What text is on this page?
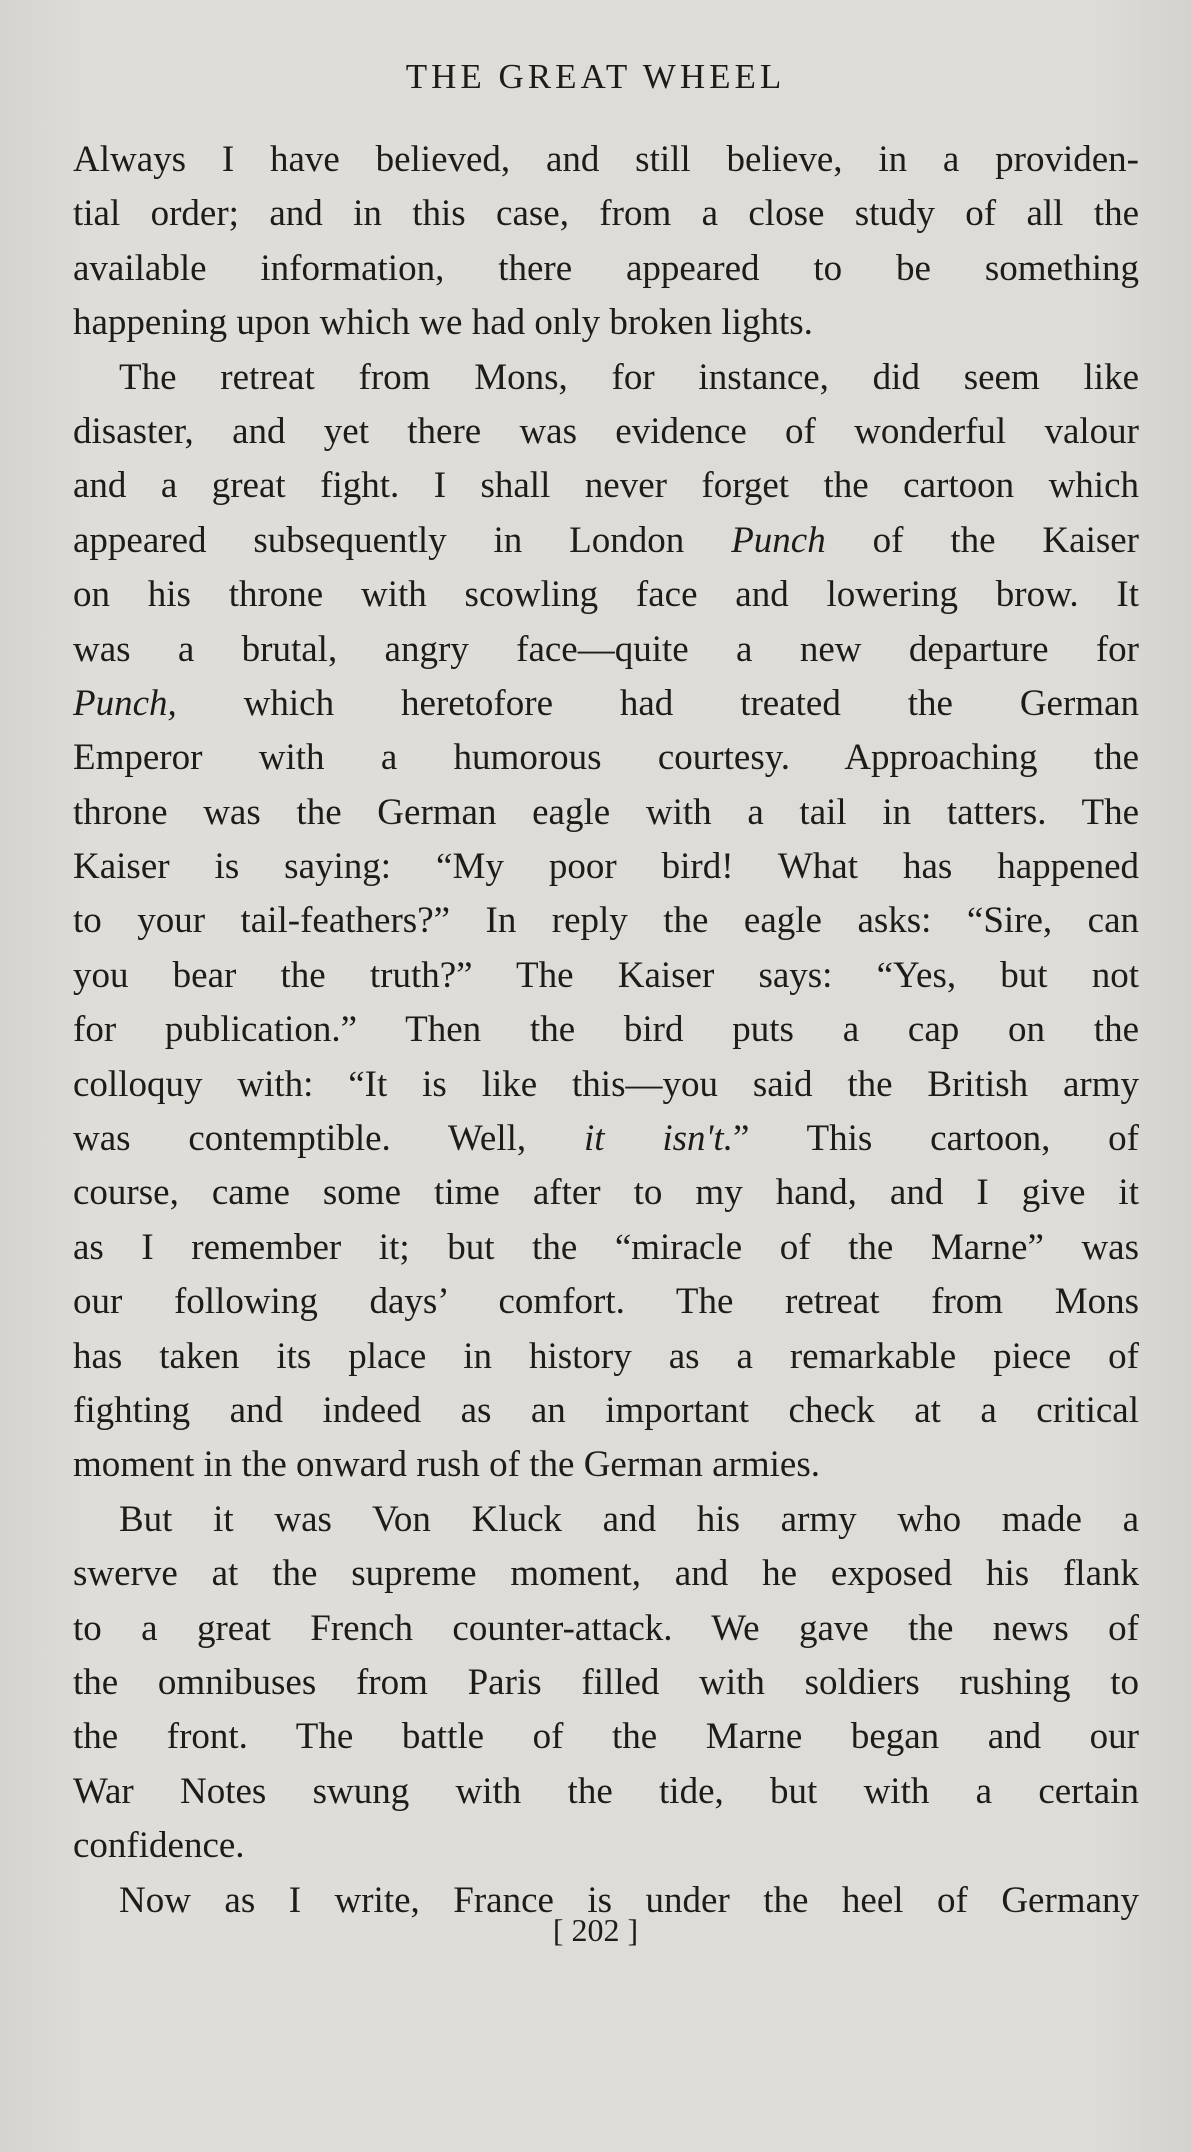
THE GREAT WHEEL
Always I have believed, and still believe, in a providen-
tial order; and in this case, from a close study of all the
available information, there appeared to be something
happening upon which we had only broken lights.
The retreat from Mons, for instance, did seem like
disaster, and yet there was evidence of wonderful valour
and a great fight. I shall never forget the cartoon which
appeared subsequently in London Punch of the Kaiser
on his throne with scowling face and lowering brow. It
was a brutal, angry face—quite a new departure for
Punch, which heretofore had treated the German
Emperor with a humorous courtesy. Approaching the
throne was the German eagle with a tail in tatters. The
Kaiser is saying: “My poor bird! What has happened
to your tail-feathers?” In reply the eagle asks: “Sire, can
you bear the truth?” The Kaiser says: “Yes, but not
for publication.” Then the bird puts a cap on the
colloquy with: “It is like this—you said the British army
was contemptible. Well, it isn't.” This cartoon, of
course, came some time after to my hand, and I give it
as I remember it; but the “miracle of the Marne” was
our following days’ comfort. The retreat from Mons
has taken its place in history as a remarkable piece of
fighting and indeed as an important check at a critical
moment in the onward rush of the German armies.
But it was Von Kluck and his army who made a
swerve at the supreme moment, and he exposed his flank
to a great French counter-attack. We gave the news of
the omnibuses from Paris filled with soldiers rushing to
the front. The battle of the Marne began and our
War Notes swung with the tide, but with a certain
confidence.
Now as I write, France is under the heel of Germany
[ 202 ]
